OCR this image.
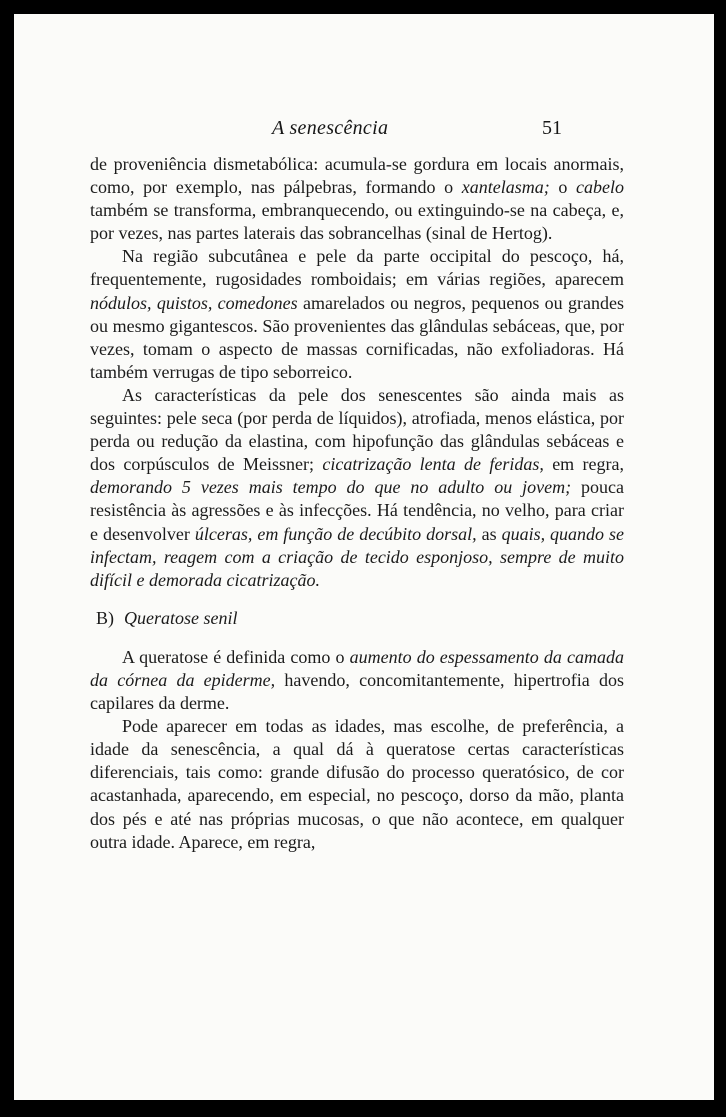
A senescência	51

de proveniência dismetabólica: acumula-se gordura em locais anormais, como, por exemplo, nas pálpebras, formando o xantelasma; o cabelo também se transforma, embranquecendo, ou extinguindo-se na cabeça, e, por vezes, nas partes laterais das sobrancelhas (sinal de Hertog).

Na região subcutânea e pele da parte occipital do pescoço, há, frequentemente, rugosidades romboidais; em várias regiões, aparecem nódulos, quistos, comedones amarelados ou negros, pequenos ou grandes ou mesmo gigantescos. São provenientes das glândulas sebáceas, que, por vezes, tomam o aspecto de massas cornificadas, não exfoliadoras. Há também verrugas de tipo seborreico.

As características da pele dos senescentes são ainda mais as seguintes: pele seca (por perda de líquidos), atrofiada, menos elástica, por perda ou redução da elastina, com hipofunção das glândulas sebáceas e dos corpúsculos de Meissner; cicatrização lenta de feridas, em regra, demorando 5 vezes mais tempo do que no adulto ou jovem; pouca resistência às agressões e às infecções. Há tendência, no velho, para criar e desenvolver úlceras, em função de decúbito dorsal, as quais, quando se infectam, reagem com a criação de tecido esponjoso, sempre de muito difícil e demorada cicatrização.

B) Queratose senil

A queratose é definida como o aumento do espessamento da camada da córnea da epiderme, havendo, concomitantemente, hipertrofia dos capilares da derme.

Pode aparecer em todas as idades, mas escolhe, de preferência, a idade da senescência, a qual dá à queratose certas características diferenciais, tais como: grande difusão do processo queratósico, de cor acastanhada, aparecendo, em especial, no pescoço, dorso da mão, planta dos pés e até nas próprias mucosas, o que não acontece, em qualquer outra idade. Aparece, em regra,
